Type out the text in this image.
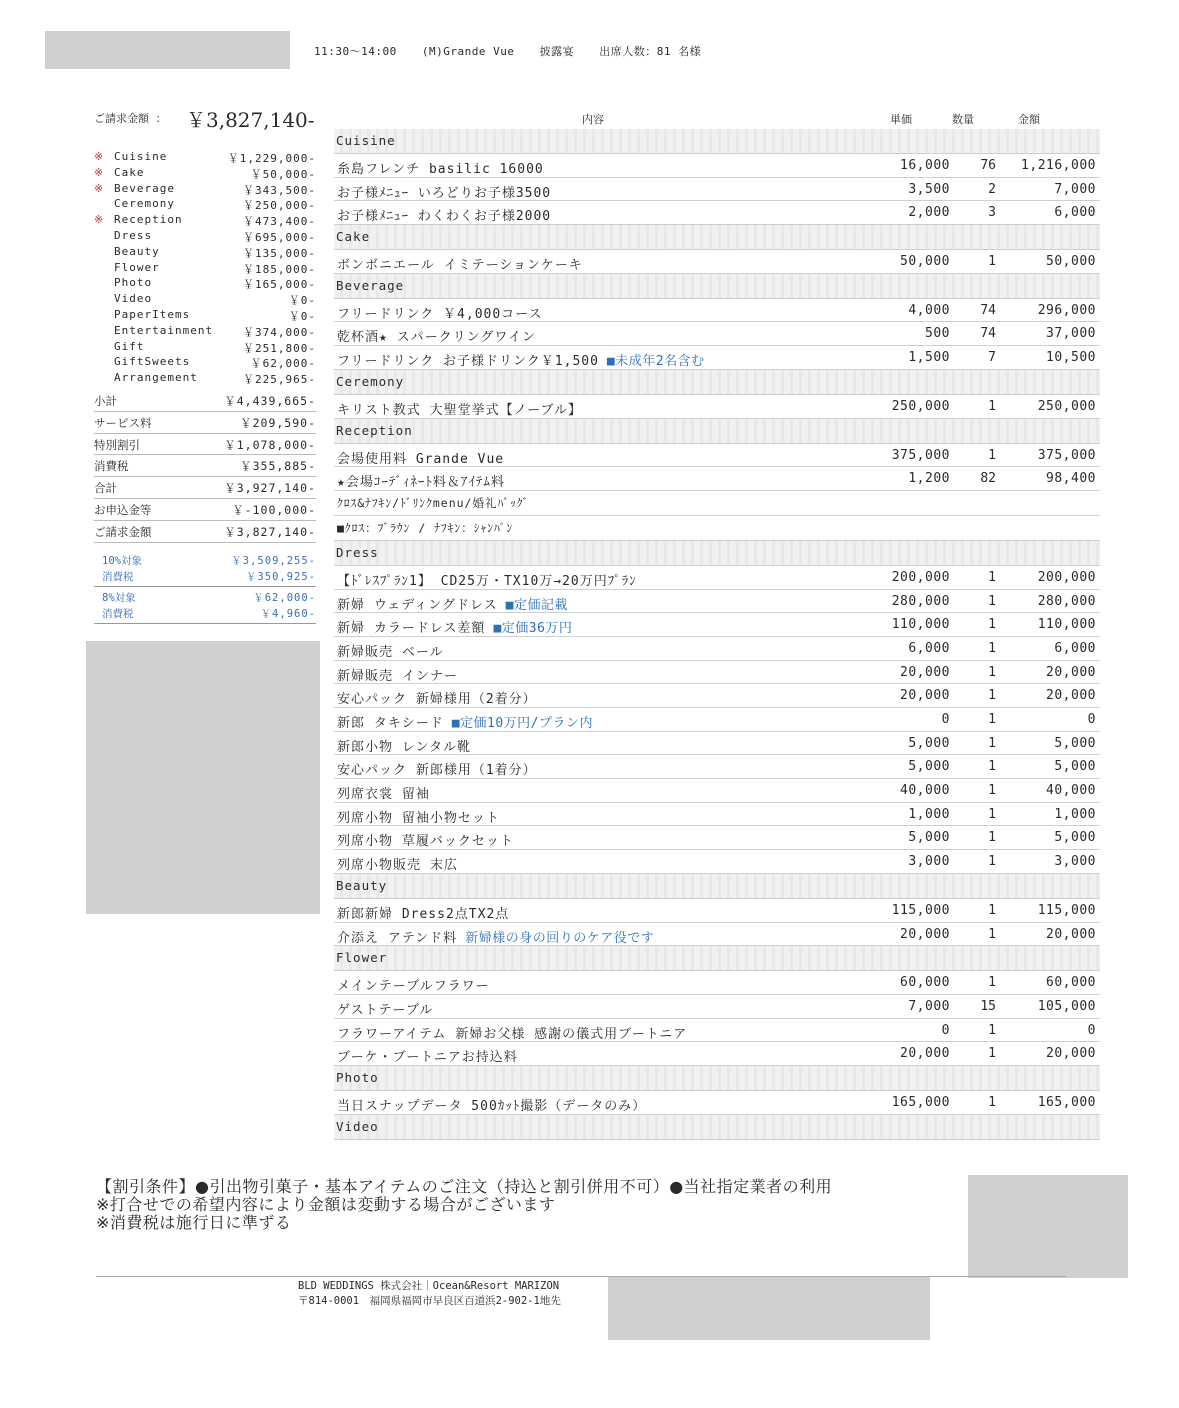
11:30〜14:00 (M)Grande Vue 披露宴 出席人数：81 名様
ご請求金額 ： ￥3,827,140-
※ Cuisine	￥1,229,000-
※ Cake	￥50,000-
※ Beverage	￥343,500-
Ceremony	￥250,000-
※ Reception	￥473,400-
Dress	￥695,000-
Beauty	￥135,000-
Flower	￥185,000-
Photo	￥165,000-
Video	￥0-
PaperItems	￥0-
Entertainment	￥374,000-
Gift	￥251,800-
GiftSweets	￥62,000-
Arrangement	￥225,965-
小計	￥4,439,665-
サービス料	￥209,590-
特別割引	￥1,078,000-
消費税	￥355,885-
合計	￥3,927,140-
お申込金等	￥-100,000-
ご請求金額	￥3,827,140-
10%対象	￥3,509,255-
消費税	￥350,925-
8%対象	￥62,000-
消費税	￥4,960-
内容	単価	数量	金額
Cuisine
糸島フレンチ basilic 16000	16,000 76 1,216,000
お子様ﾒﾆｭｰ いろどりお子様3500	3,500	2	7,000
お子様ﾒﾆｭｰ わくわくお子様2000	2,000	3	6,000
Cake
ボンボニエール イミテーションケーキ	50,000	1	50,000
Beverage
フリードリンク ￥4,000コース	4,000 74	296,000
乾杯酒★ スパークリングワイン	500 74	37,000
フリードリンク お子様ドリンク￥1,500 ■未成年2名含む	1,500	7	10,500
Ceremony
キリスト教式 大聖堂挙式【ノーブル】	250,000	1	250,000
Reception
会場使用料 Grande Vue	375,000	1	375,000
★会場ｺｰﾃﾞｨﾈｰﾄ料＆ｱｲﾃﾑ料	1,200 82	98,400
ｸﾛｽ&ﾅﾌｷﾝ/ﾄﾞﾘﾝｸmenu/婚礼ﾊﾞｯｸﾞ
■ｸﾛｽ：ﾌﾞﾗｳﾝ / ﾅﾌｷﾝ：ｼｬﾝﾊﾟﾝ
Dress
【ﾄﾞﾚｽﾌﾟﾗﾝ1】 CD25万・TX10万→20万円ﾌﾟﾗﾝ	200,000	1	200,000
新婦 ウェディングドレス ■定価記載	280,000	1	280,000
新婦 カラードレス差額 ■定価36万円	110,000	1	110,000
新婦販売 ベール	6,000	1	6,000
新婦販売 インナー	20,000	1	20,000
安心パック 新婦様用（2着分）	20,000	1	20,000
新郎 タキシード ■定価10万円/プラン内	0	1	0
新郎小物 レンタル靴	5,000	1	5,000
安心パック 新郎様用（1着分）	5,000	1	5,000
列席衣裳 留袖	40,000	1	40,000
列席小物 留袖小物セット	1,000	1	1,000
列席小物 草履バックセット	5,000	1	5,000
列席小物販売 末広	3,000	1	3,000
Beauty
新郎新婦 Dress2点TX2点	115,000	1	115,000
介添え アテンド料 新婦様の身の回りのケア役です	20,000	1	20,000
Flower
メインテーブルフラワー	60,000	1	60,000
ゲストテーブル	7,000 15	105,000
フラワーアイテム 新婦お父様 感謝の儀式用ブートニア	0	1	0
ブーケ・ブートニアお持込料	20,000	1	20,000
Photo
当日スナップデータ 500ｶｯﾄ撮影（データのみ）	165,000	1	165,000
Video
【割引条件】●引出物引菓子・基本アイテムのご注文（持込と割引併用不可）●当社指定業者の利用
※打合せでの希望内容により金額は変動する場合がございます
※消費税は施行日に準ずる
BLD WEDDINGS 株式会社｜Ocean&Resort MARIZON
〒814-0001　福岡県福岡市早良区百道浜2-902-1地先
